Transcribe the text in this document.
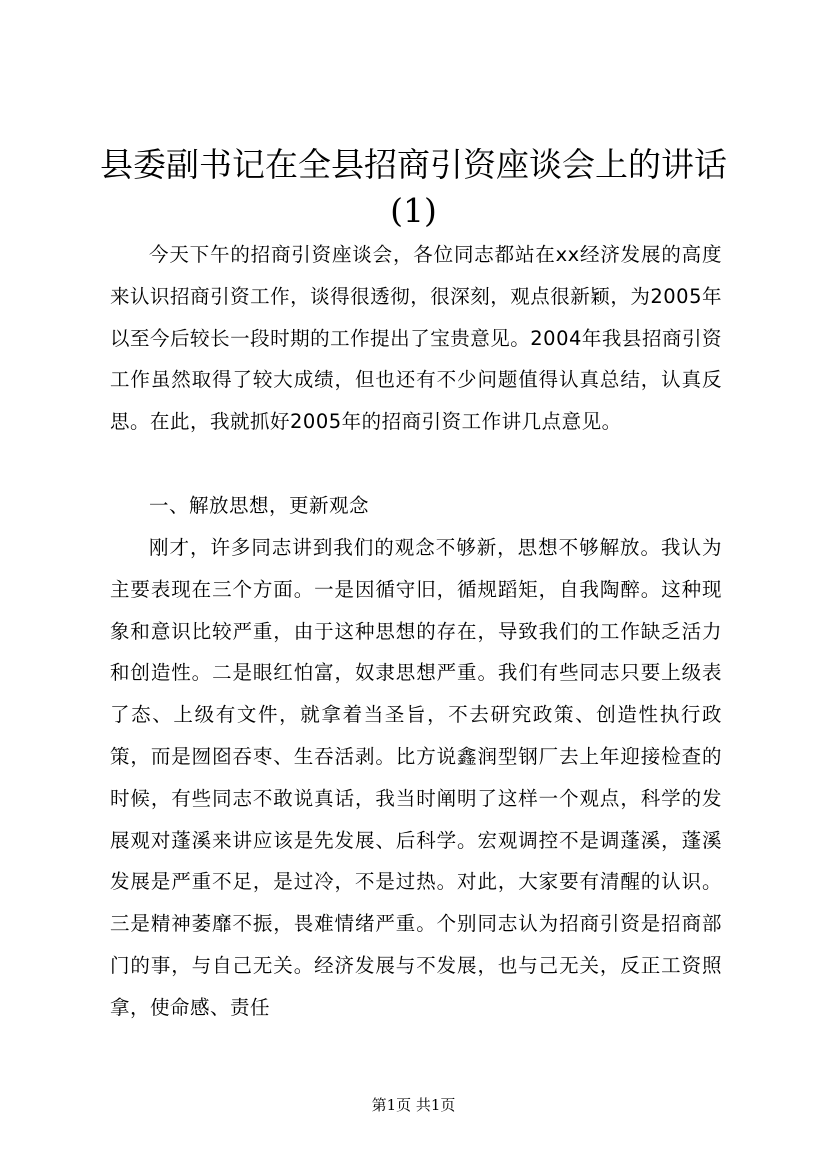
县委副书记在全县招商引资座谈会上的讲话
(1)

今天下午的招商引资座谈会，各位同志都站在xx经济发展的高度来认识招商引资工作，谈得很透彻，很深刻，观点很新颖，为2005年以至今后较长一段时期的工作提出了宝贵意见。2004年我县招商引资工作虽然取得了较大成绩，但也还有不少问题值得认真总结，认真反思。在此，我就抓好2005年的招商引资工作讲几点意见。

一、解放思想，更新观念

刚才，许多同志讲到我们的观念不够新，思想不够解放。我认为主要表现在三个方面。一是因循守旧，循规蹈矩，自我陶醉。这种现象和意识比较严重，由于这种思想的存在，导致我们的工作缺乏活力和创造性。二是眼红怕富，奴隶思想严重。我们有些同志只要上级表了态、上级有文件，就拿着当圣旨，不去研究政策、创造性执行政策，而是囫囵吞枣、生吞活剥。比方说鑫润型钢厂去上年迎接检查的时候，有些同志不敢说真话，我当时阐明了这样一个观点，科学的发展观对蓬溪来讲应该是先发展、后科学。宏观调控不是调蓬溪，蓬溪发展是严重不足，是过冷，不是过热。对此，大家要有清醒的认识。三是精神萎靡不振，畏难情绪严重。个别同志认为招商引资是招商部门的事，与自己无关。经济发展与不发展，也与己无关，反正工资照拿，使命感、责任

第1页 共1页
